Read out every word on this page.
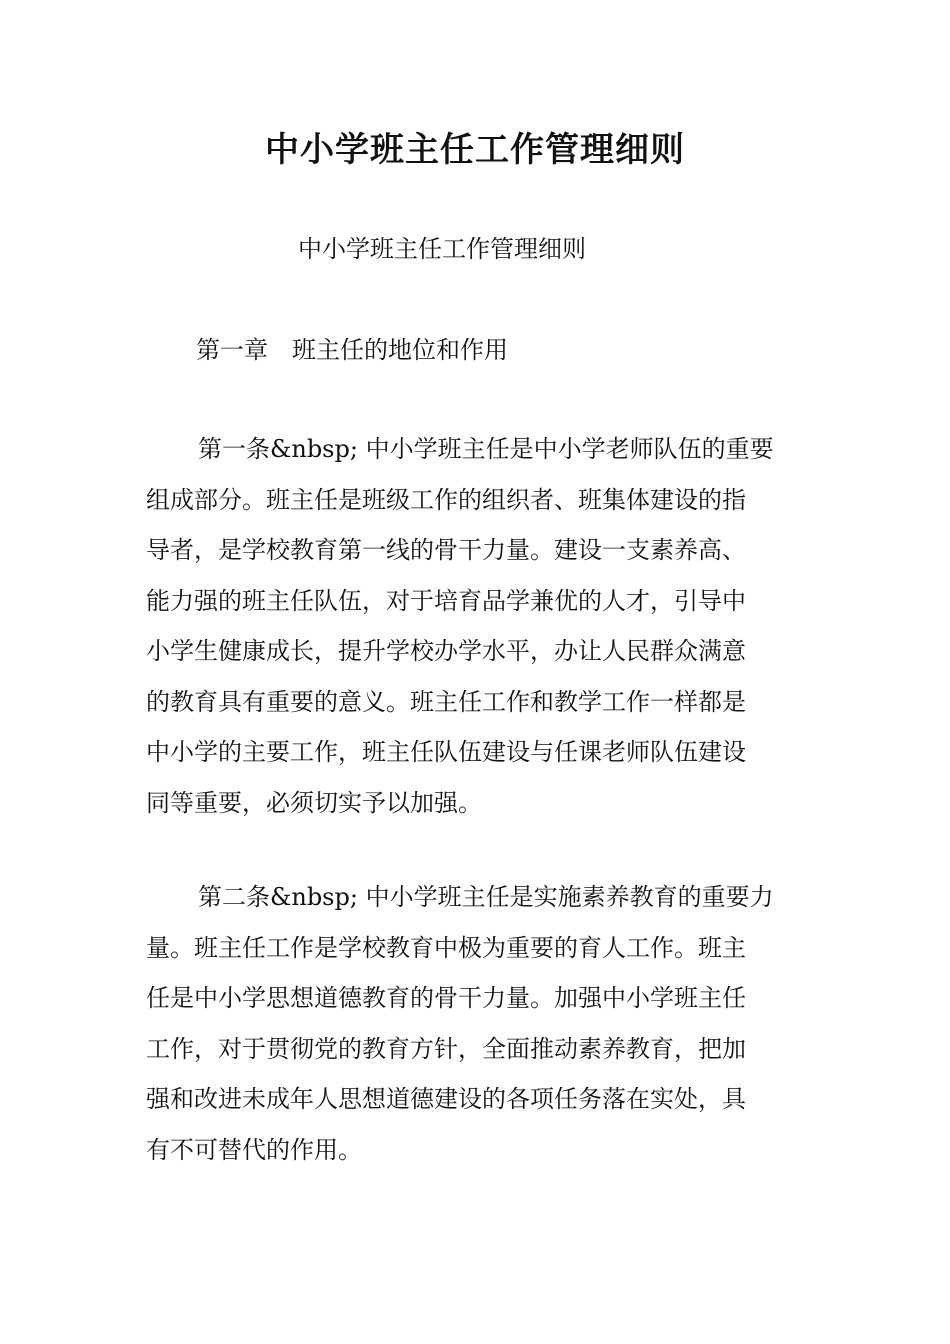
中小学班主任工作管理细则
中小学班主任工作管理细则
第一章　班主任的地位和作用
第一条&nbsp; 中小学班主任是中小学老师队伍的重要
组成部分。班主任是班级工作的组织者、班集体建设的指
导者，是学校教育第一线的骨干力量。建设一支素养高、
能力强的班主任队伍，对于培育品学兼优的人才，引导中
小学生健康成长，提升学校办学水平，办让人民群众满意
的教育具有重要的意义。班主任工作和教学工作一样都是
中小学的主要工作，班主任队伍建设与任课老师队伍建设
同等重要，必须切实予以加强。
第二条&nbsp; 中小学班主任是实施素养教育的重要力
量。班主任工作是学校教育中极为重要的育人工作。班主
任是中小学思想道德教育的骨干力量。加强中小学班主任
工作，对于贯彻党的教育方针，全面推动素养教育，把加
强和改进未成年人思想道德建设的各项任务落在实处，具
有不可替代的作用。
